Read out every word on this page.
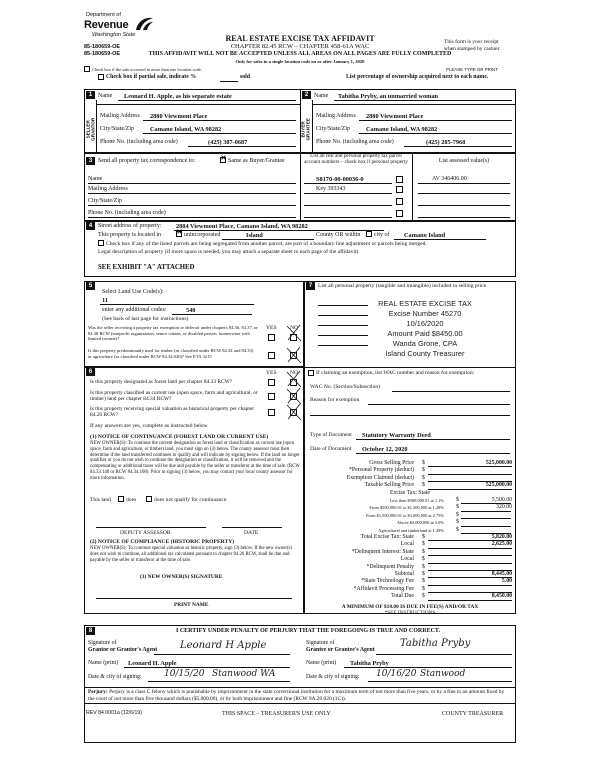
Department of
Revenue
Washington State
85-180659-OE
85-180659-OE
REAL ESTATE EXCISE TAX AFFIDAVIT
CHAPTER 82.45 RCW – CHAPTER 458-61A WAC
THIS AFFIDAVIT WILL NOT BE ACCEPTED UNLESS ALL AREAS ON ALL PAGES ARE FULLY COMPLETED
Only for sales in a single location code on or after January 1, 2020
This form is your receipt
when stamped by cashier.
Check box if the sale occurred in more than one location code.	PLEASE TYPE OR PRINT
Check box if partial sale, indicate %	sold	List percentage of ownership acquired next to each name.
1
SELLER GRANTOR
Name Leonard H. Apple, as his separate estate
Mailing Address 2880 Viewmont Place
City/State/Zip	Camano Island, WA 98282
Phone No. (including area code)	(425) 387-0687
2
BUYER GRANTEE
Name Tabitha Pryby, an unmarried woman
Mailing Address 2880 Viewmont Place
City/State/Zip	Camano Island, WA 98282
Phone No. (including area code)	(425) 205-7968
3 Send all property tax correspondence to:	✕ Same as Buyer/Grantee
List all real and personal property tax parcel account numbers – check box if personal property	List assessed value(s)
Name
Mailing Address
City/State/Zip
Phone No. (including area code)
S8170-00-00036-0
Key 393343
AV 346406.00
4 Street address of property: 2884 Viewmont Place, Camano Island, WA 98282
This property is located in ✕ unincorporated	Island	County OR within city of Camano Island
Check box if any of the listed parcels are being segregated from another parcel, are part of a boundary line adjustment or parcels being merged.
Legal description of property (if more space is needed, you may attach a separate sheet to each page of the affidavit)
SEE EXHIBIT "A" ATTACHED
5
Select Land Use Code(s):
11
enter any additional codes:	540
(See back of last page for instructions)
YES NO
Was the seller receiving a property tax exemption or deferral under chapters 84.36, 84.37, or 84.38 RCW (nonprofit organization, senior citizen, or disabled person, homeowner with limited income)?
Is this property predominantly used for timber (as classified under RCW 84.34 and 84.33) or agriculture (as classified under RCW 84.34.020)? See ETA 3215
6	YES NO
Is this property designated as forest land per chapter 84.33 RCW?
Is this property classified as current use (open space, farm and agricultural, or timber) land per chapter 84.34 RCW?
Is this property receiving special valuation as historical property per chapter 84.26 RCW?
If any answers are yes, complete as instructed below.
(1) NOTICE OF CONTINUANCE (FOREST LAND OR CURRENT USE)
NEW OWNER(S): To continue the current designation as forest land or classification as current use (open space, farm and agriculture, or timber) land, you must sign on (3) below. The county assessor must then determine if the land transferred continues to qualify and will indicate by signing below. If the land no longer qualifies or you do not wish to continue the designation or classification, it will be removed and the compensating or additional taxes will be due and payable by the seller or transferor at the time of sale. (RCW 84.33.140 or RCW 84.34.108). Prior to signing (3) below, you may contact your local county assessor for more information.
This land	does	does not qualify for continuance.
DEPUTY ASSESSOR	DATE
(2) NOTICE OF COMPLIANCE (HISTORIC PROPERTY)
NEW OWNER(S): To continue special valuation as historic property, sign (3) below. If the new owner(s) does not wish to continue, all additional tax calculated pursuant to chapter 84.26 RCW, shall be due and payable by the seller or transferor at the time of sale.
(3) NEW OWNER(S) SIGNATURE
PRINT NAME
7	List all personal property (tangible and intangible) included in selling price.
REAL ESTATE EXCISE TAX
Excise Number 45270
10/16/2020
Amount Paid $8450.00
Wanda Grone, CPA
Island County Treasurer
If claiming an exemption, list WAC number and reason for exemption:
WAC No. (Section/Subsection)
Reason for exemption
Type of Document Statutory Warranty Deed
Date of Document October 12, 2020
Gross Selling Price $	525,000.00
*Personal Property (deduct) $
Exemption Claimed (deduct) $
Taxable Selling Price $	525,000.00
Excise Tax: State
Less than $500,000.01 at 1.1% $	5,500.00
From $500,000.01 to $1,500,000 at 1.28% $	320.00
From $1,500,000.01 to $3,000,000 at 2.75% $
Above $3,000,000 at 3.0% $
Agricultural and timberland at 1.28% $
Total Excise Tax: State $	5,820.00
Local $	2,625.00
*Delinquent Interest: State $
Local $
*Delinquent Penalty $
Subtotal $	8,445.00
*State Technology Fee $	5.00
*Affidavit Processing Fee $
Total Due $	8,450.00
A MINIMUM OF $10.00 IS DUE IN FEE(S) AND/OR TAX
*SEE INSTRUCTIONS
8	I CERTIFY UNDER PENALTY OF PERJURY THAT THE FOREGOING IS TRUE AND CORRECT.
Signature of
Grantor or Grantor's Agent Leonard H Apple	Signature of
Grantee or Grantee's Agent
Tabitha Pryby
Name (print) Leonard H. Apple	Name (print) Tabitha Pryby
Date & city of signing:	10/15/20 Stanwood WA	Date & city of signing: 10/16/20 Stanwood
Perjury: Perjury is a class C felony which is punishable by imprisonment in the state correctional institution for a maximum term of not more than five years, or by a fine in an amount fixed by the court of not more than five thousand dollars ($5,000.00), or by both imprisonment and fine (RCW 9A.20.020 (1C)).
REV 84 0001a (12/6/19)	THIS SPACE – TREASURER'S USE ONLY	COUNTY TREASURER
